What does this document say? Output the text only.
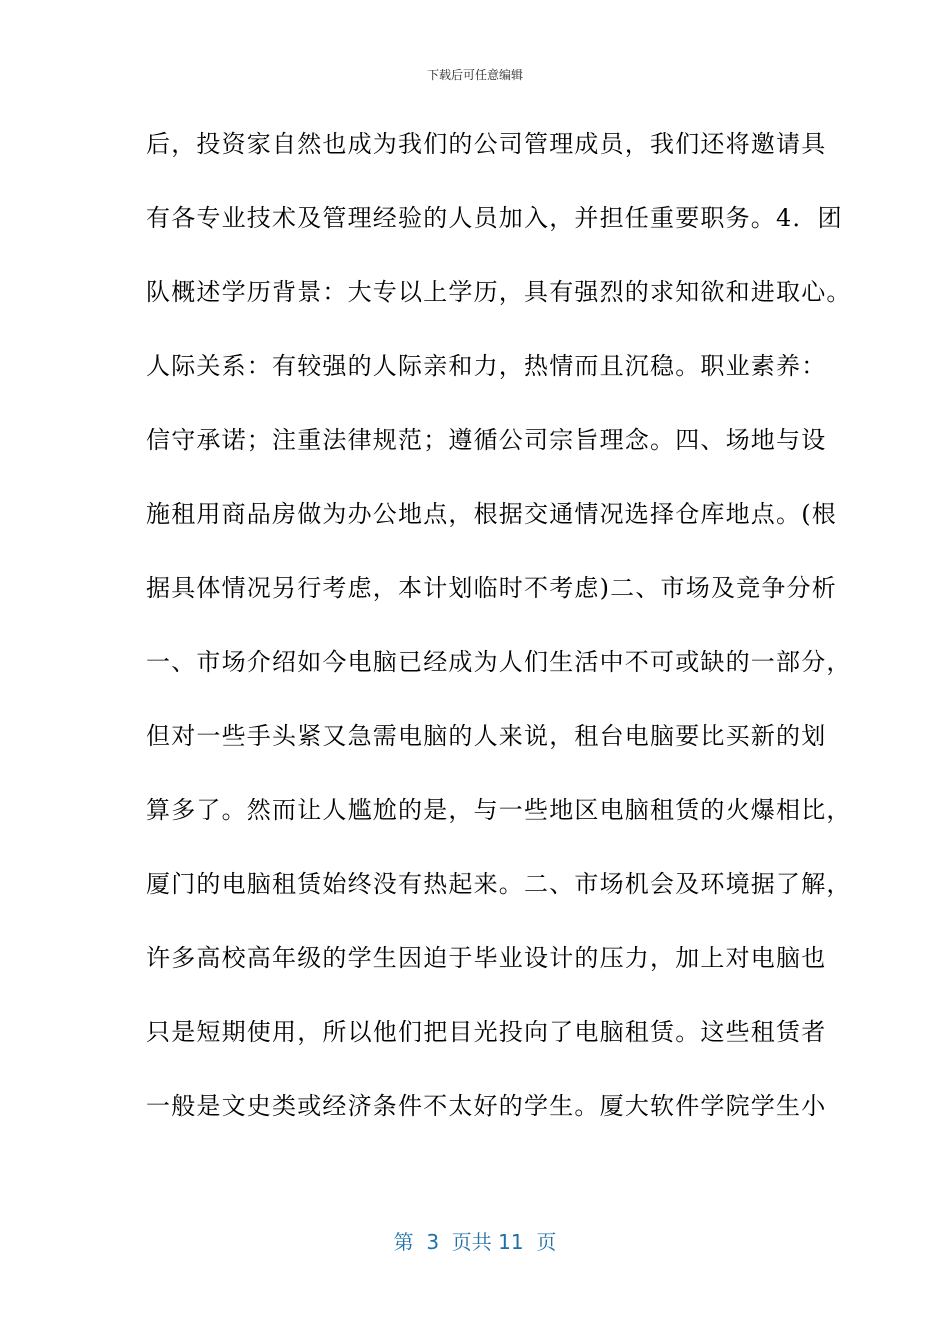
下载后可任意编辑
后，投资家自然也成为我们的公司管理成员，我们还将邀请具
有各专业技术及管理经验的人员加入，并担任重要职务。4．团
队概述学历背景：大专以上学历，具有强烈的求知欲和进取心。
人际关系：有较强的人际亲和力，热情而且沉稳。职业素养：
信守承诺；注重法律规范；遵循公司宗旨理念。四、场地与设
施租用商品房做为办公地点，根据交通情况选择仓库地点。(根
据具体情况另行考虑，本计划临时不考虑)二、市场及竞争分析
一、市场介绍如今电脑已经成为人们生活中不可或缺的一部分，
但对一些手头紧又急需电脑的人来说，租台电脑要比买新的划
算多了。然而让人尴尬的是，与一些地区电脑租赁的火爆相比，
厦门的电脑租赁始终没有热起来。二、市场机会及环境据了解，
许多高校高年级的学生因迫于毕业设计的压力，加上对电脑也
只是短期使用，所以他们把目光投向了电脑租赁。这些租赁者
一般是文史类或经济条件不太好的学生。厦大软件学院学生小
第  3  页共 11  页
